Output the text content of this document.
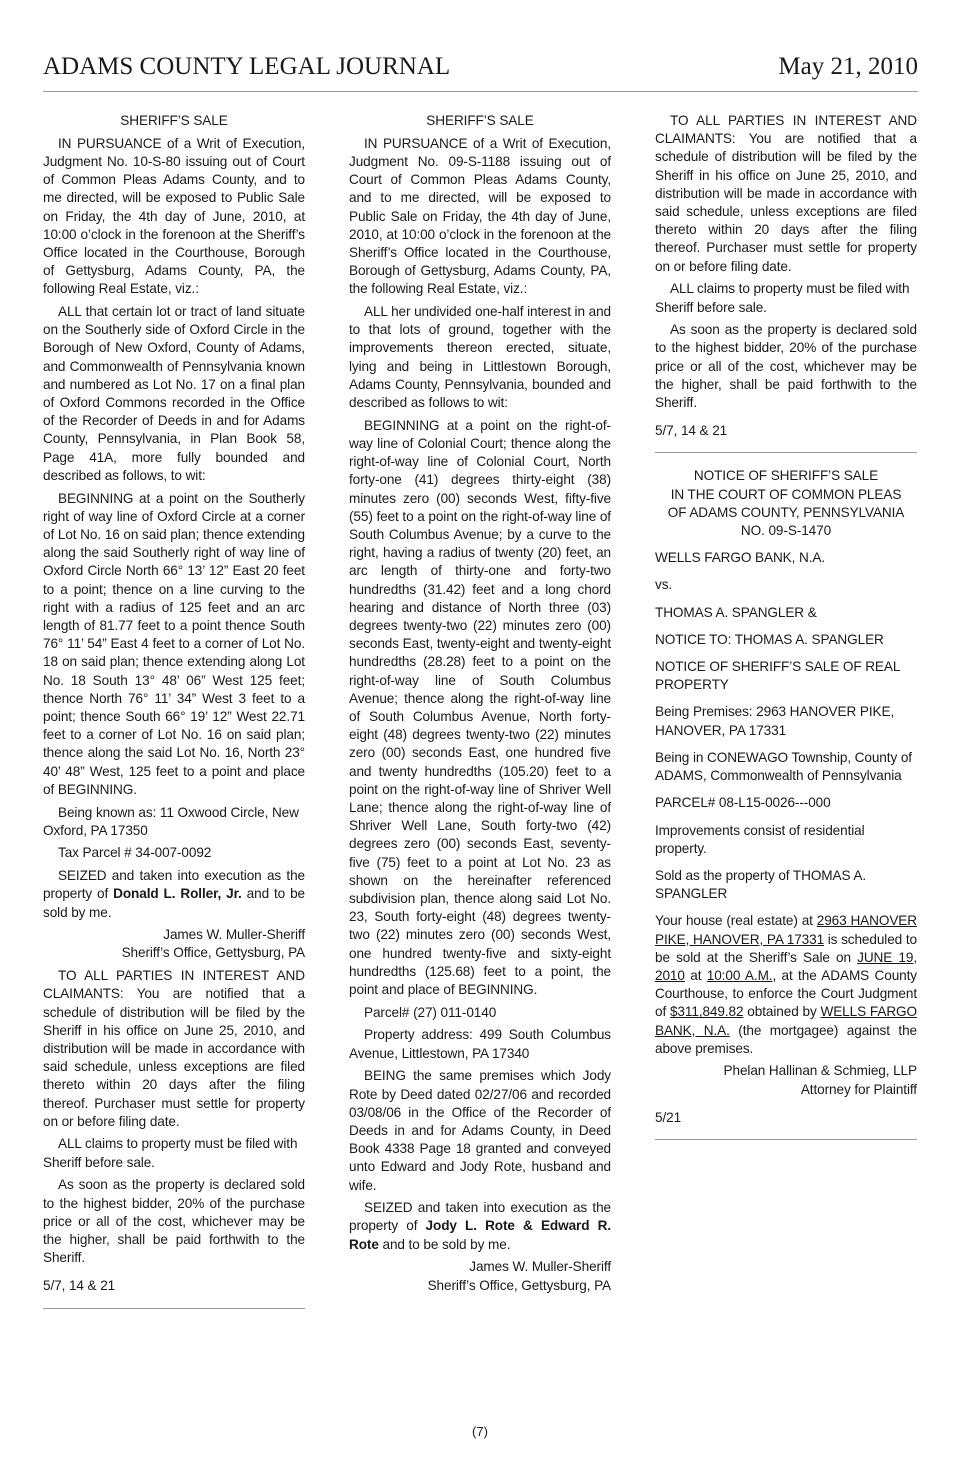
ADAMS COUNTY LEGAL JOURNAL	May 21, 2010

SHERIFF’S SALE

IN PURSUANCE of a Writ of Execution, Judgment No. 10-S-80 issuing out of Court of Common Pleas Adams County, and to me directed, will be exposed to Public Sale on Friday, the 4th day of June, 2010, at 10:00 o’clock in the forenoon at the Sheriff’s Office located in the Courthouse, Borough of Gettysburg, Adams County, PA, the following Real Estate, viz.:

ALL that certain lot or tract of land situate on the Southerly side of Oxford Circle in the Borough of New Oxford, County of Adams, and Commonwealth of Pennsylvania known and numbered as Lot No. 17 on a final plan of Oxford Commons recorded in the Office of the Recorder of Deeds in and for Adams County, Pennsylvania, in Plan Book 58, Page 41A, more fully bounded and described as follows, to wit:

BEGINNING at a point on the Southerly right of way line of Oxford Circle at a corner of Lot No. 16 on said plan; thence extending along the said Southerly right of way line of Oxford Circle North 66° 13’ 12” East 20 feet to a point; thence on a line curving to the right with a radius of 125 feet and an arc length of 81.77 feet to a point thence South 76° 11’ 54” East 4 feet to a corner of Lot No. 18 on said plan; thence extending along Lot No. 18 South 13° 48’ 06” West 125 feet; thence North 76° 11’ 34” West 3 feet to a point; thence South 66° 19’ 12” West 22.71 feet to a corner of Lot No. 16 on said plan; thence along the said Lot No. 16, North 23° 40’ 48” West, 125 feet to a point and place of BEGINNING.

Being known as: 11 Oxwood Circle, New Oxford, PA 17350

Tax Parcel # 34-007-0092

SEIZED and taken into execution as the property of Donald L. Roller, Jr. and to be sold by me.

James W. Muller-Sheriff

Sheriff’s Office, Gettysburg, PA

TO ALL PARTIES IN INTEREST AND CLAIMANTS: You are notified that a schedule of distribution will be filed by the Sheriff in his office on June 25, 2010, and distribution will be made in accordance with said schedule, unless exceptions are filed thereto within 20 days after the filing thereof. Purchaser must settle for property on or before filing date.

ALL claims to property must be filed with Sheriff before sale.

As soon as the property is declared sold to the highest bidder, 20% of the purchase price or all of the cost, whichever may be the higher, shall be paid forthwith to the Sheriff.

5/7, 14 & 21

SHERIFF’S SALE

IN PURSUANCE of a Writ of Execution, Judgment No. 09-S-1188 issuing out of Court of Common Pleas Adams County, and to me directed, will be exposed to Public Sale on Friday, the 4th day of June, 2010, at 10:00 o’clock in the forenoon at the Sheriff’s Office located in the Courthouse, Borough of Gettysburg, Adams County, PA, the following Real Estate, viz.:

ALL her undivided one-half interest in and to that lots of ground, together with the improvements thereon erected, situate, lying and being in Littlestown Borough, Adams County, Pennsylvania, bounded and described as follows to wit:

BEGINNING at a point on the right-of-way line of Colonial Court; thence along the right-of-way line of Colonial Court, North forty-one (41) degrees thirty-eight (38) minutes zero (00) seconds West, fifty-five (55) feet to a point on the right-of-way line of South Columbus Avenue; by a curve to the right, having a radius of twenty (20) feet, an arc length of thirty-one and forty-two hundredths (31.42) feet and a long chord hearing and distance of North three (03) degrees twenty-two (22) minutes zero (00) seconds East, twenty-eight and twenty-eight hundredths (28.28) feet to a point on the right-of-way line of South Columbus Avenue; thence along the right-of-way line of South Columbus Avenue, North forty-eight (48) degrees twenty-two (22) minutes zero (00) seconds East, one hundred five and twenty hundredths (105.20) feet to a point on the right-of-way line of Shriver Well Lane; thence along the right-of-way line of Shriver Well Lane, South forty-two (42) degrees zero (00) seconds East, seventy-five (75) feet to a point at Lot No. 23 as shown on the hereinafter referenced subdivision plan, thence along said Lot No. 23, South forty-eight (48) degrees twenty-two (22) minutes zero (00) seconds West, one hundred twenty-five and sixty-eight hundredths (125.68) feet to a point, the point and place of BEGINNING.

Parcel# (27) 011-0140

Property address: 499 South Columbus Avenue, Littlestown, PA 17340

BEING the same premises which Jody Rote by Deed dated 02/27/06 and recorded 03/08/06 in the Office of the Recorder of Deeds in and for Adams County, in Deed Book 4338 Page 18 granted and conveyed unto Edward and Jody Rote, husband and wife.

SEIZED and taken into execution as the property of Jody L. Rote & Edward R. Rote and to be sold by me.

James W. Muller-Sheriff

Sheriff’s Office, Gettysburg, PA

TO ALL PARTIES IN INTEREST AND CLAIMANTS: You are notified that a schedule of distribution will be filed by the Sheriff in his office on June 25, 2010, and distribution will be made in accordance with said schedule, unless exceptions are filed thereto within 20 days after the filing thereof. Purchaser must settle for property on or before filing date.

ALL claims to property must be filed with Sheriff before sale.

As soon as the property is declared sold to the highest bidder, 20% of the purchase price or all of the cost, whichever may be the higher, shall be paid forthwith to the Sheriff.

5/7, 14 & 21

NOTICE OF SHERIFF’S SALE

IN THE COURT OF COMMON PLEAS

OF ADAMS COUNTY, PENNSYLVANIA

NO. 09-S-1470

WELLS FARGO BANK, N.A.

vs.

THOMAS A. SPANGLER &

NOTICE TO: THOMAS A. SPANGLER

NOTICE OF SHERIFF’S SALE OF REAL PROPERTY

Being Premises: 2963 HANOVER PIKE, HANOVER, PA 17331

Being in CONEWAGO Township, County of ADAMS, Commonwealth of Pennsylvania

PARCEL# 08-L15-0026---000

Improvements consist of residential property.

Sold as the property of THOMAS A. SPANGLER

Your house (real estate) at 2963 HANOVER PIKE, HANOVER, PA 17331 is scheduled to be sold at the Sheriff’s Sale on JUNE 19, 2010 at 10:00 A.M., at the ADAMS County Courthouse, to enforce the Court Judgment of $311,849.82 obtained by WELLS FARGO BANK, N.A. (the mortgagee) against the above premises.

Phelan Hallinan & Schmieg, LLP

Attorney for Plaintiff

5/21

(7)
